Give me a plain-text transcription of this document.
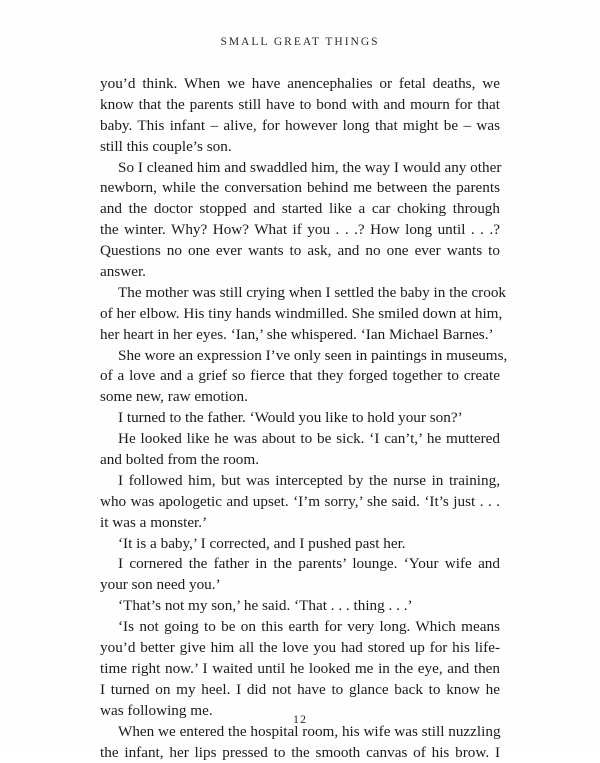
SMALL GREAT THINGS
you’d think. When we have anencephalies or fetal deaths, we
know that the parents still have to bond with and mourn for that
baby. This infant – alive, for however long that might be – was
still this couple’s son.
So I cleaned him and swaddled him, the way I would any other
newborn, while the conversation behind me between the parents
and the doctor stopped and started like a car choking through
the winter. Why? How? What if you . . .? How long until . . .?
Questions no one ever wants to ask, and no one ever wants to
answer.
The mother was still crying when I settled the baby in the crook
of her elbow. His tiny hands windmilled. She smiled down at him,
her heart in her eyes. ‘Ian,’ she whispered. ‘Ian Michael Barnes.’
She wore an expression I’ve only seen in paintings in museums,
of a love and a grief so fierce that they forged together to create
some new, raw emotion.
I turned to the father. ‘Would you like to hold your son?’
He looked like he was about to be sick. ‘I can’t,’ he muttered
and bolted from the room.
I followed him, but was intercepted by the nurse in training,
who was apologetic and upset. ‘I’m sorry,’ she said. ‘It’s just . . .
it was a monster.’
‘It is a baby,’ I corrected, and I pushed past her.
I cornered the father in the parents’ lounge. ‘Your wife and
your son need you.’
‘That’s not my son,’ he said. ‘That . . . thing . . .’
‘Is not going to be on this earth for very long. Which means
you’d better give him all the love you had stored up for his life-
time right now.’ I waited until he looked me in the eye, and then
I turned on my heel. I did not have to glance back to know he
was following me.
When we entered the hospital room, his wife was still nuzzling
the infant, her lips pressed to the smooth canvas of his brow. I
12
